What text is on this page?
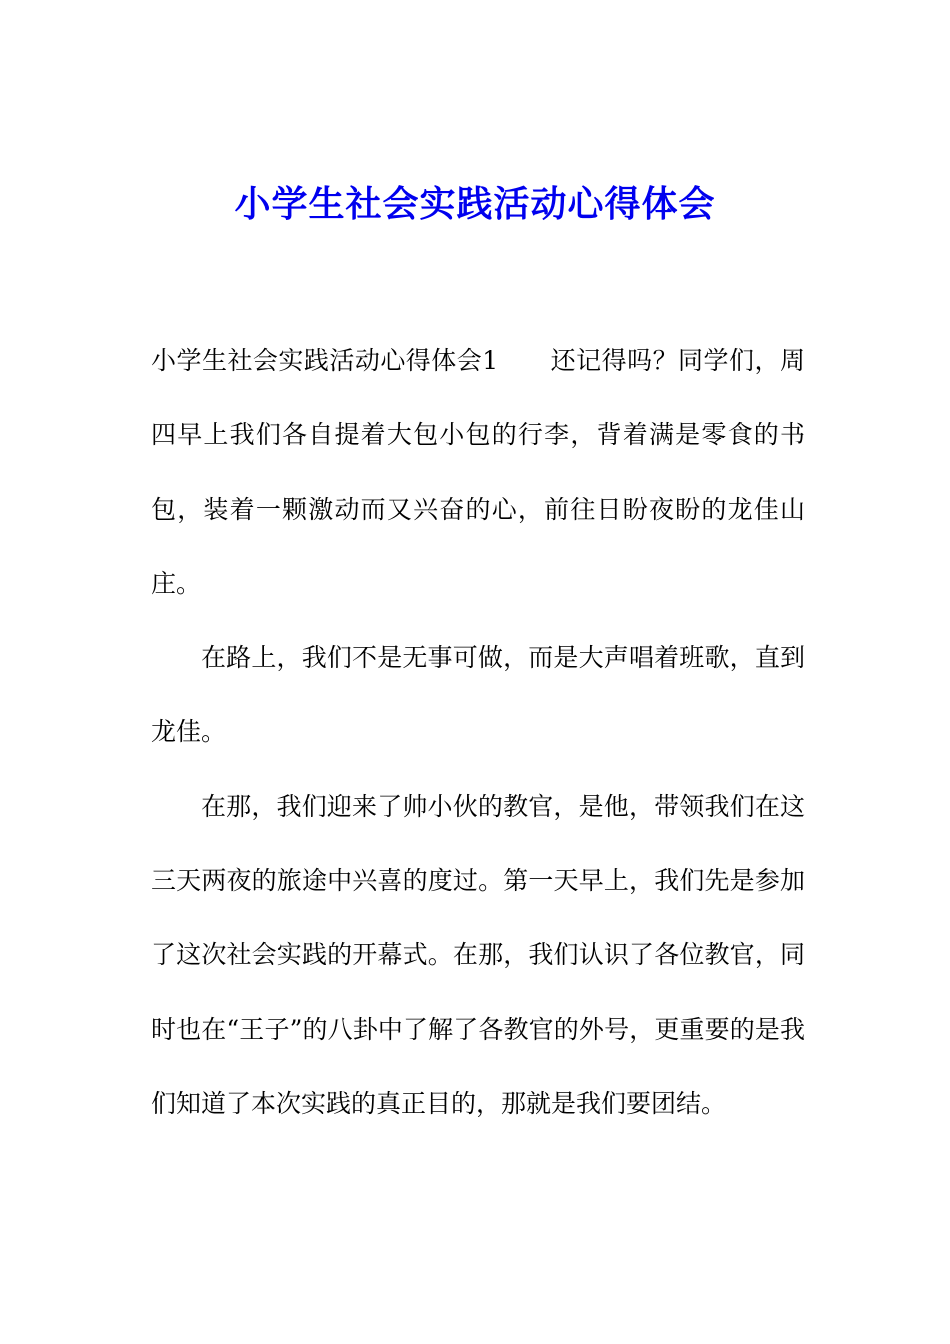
小学生社会实践活动心得体会

小学生社会实践活动心得体会1 还记得吗？同学们，周四早上我们各自提着大包小包的行李，背着满是零食的书包，装着一颗激动而又兴奋的心，前往日盼夜盼的龙佳山庄。

在路上，我们不是无事可做，而是大声唱着班歌，直到龙佳。

在那，我们迎来了帅小伙的教官，是他，带领我们在这三天两夜的旅途中兴喜的度过。第一天早上，我们先是参加了这次社会实践的开幕式。在那，我们认识了各位教官，同时也在“王子”的八卦中了解了各教官的外号，更重要的是我们知道了本次实践的真正目的，那就是我们要团结。
